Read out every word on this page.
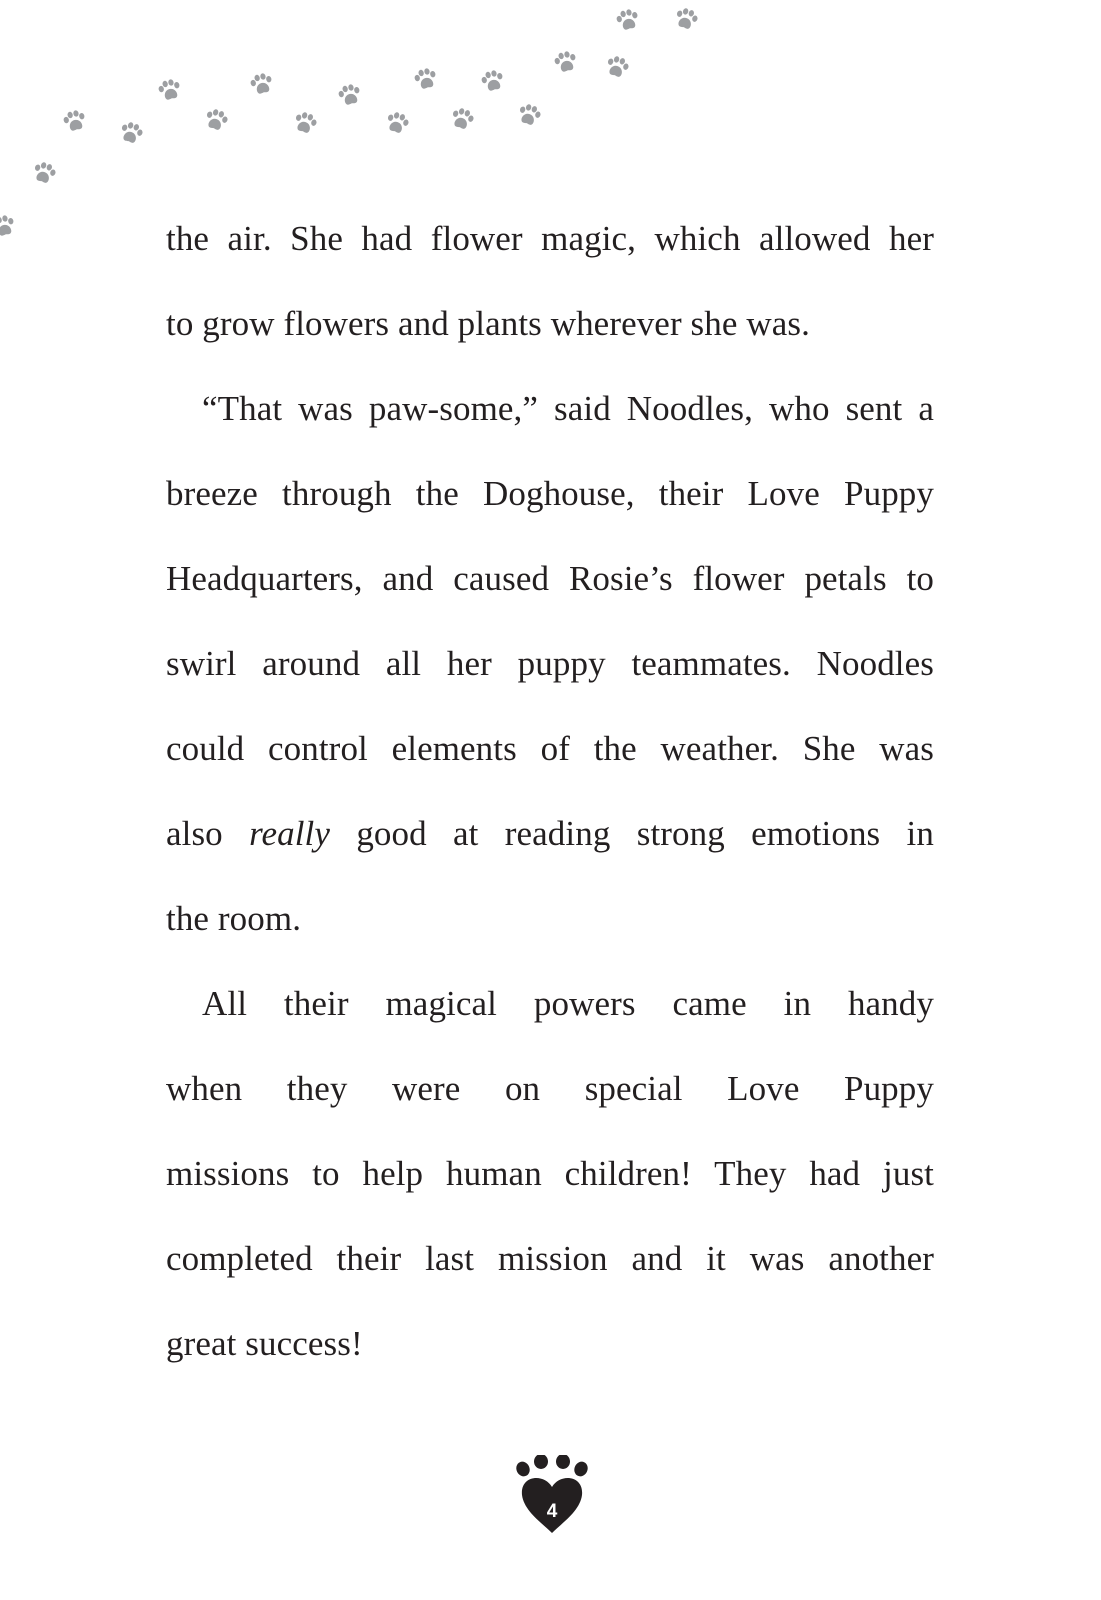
the air. She had flower magic, which allowed her
to grow flowers and plants wherever she was.
“That was paw-some,” said Noodles, who sent a
breeze through the Doghouse, their Love Puppy
Headquarters, and caused Rosie’s flower petals to
swirl around all her puppy teammates. Noodles
could control elements of the weather. She was
also really good at reading strong emotions in
the room.
All their magical powers came in handy
when they were on special Love Puppy
missions to help human children! They had just
completed their last mission and it was another
great success!
4
